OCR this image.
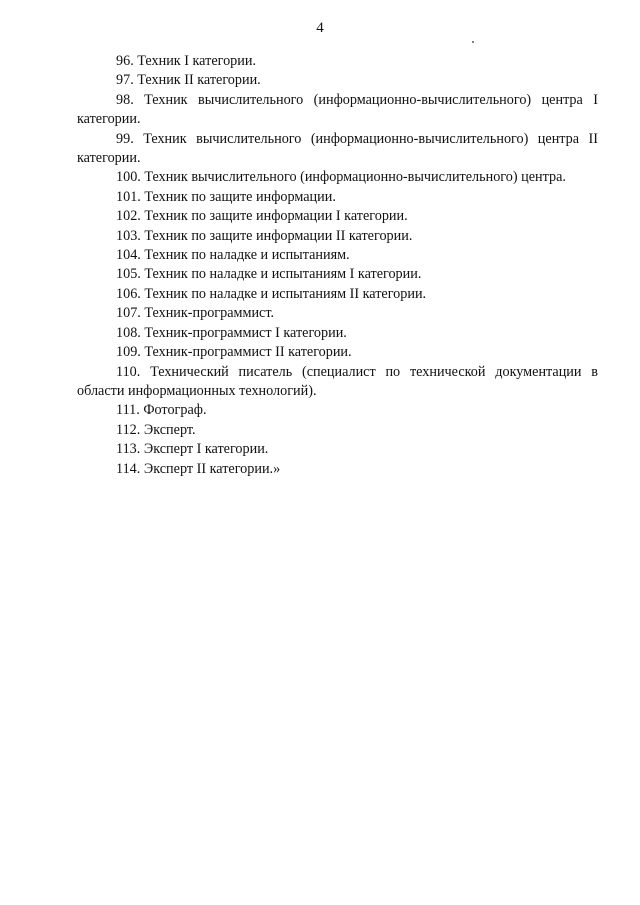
4
96. Техник I категории.
97. Техник II категории.
98. Техник вычислительного (информационно-вычислительного) центра I категории.
99. Техник вычислительного (информационно-вычислительного) центра II категории.
100. Техник вычислительного (информационно-вычислительного) центра.
101. Техник по защите информации.
102. Техник по защите информации I категории.
103. Техник по защите информации II категории.
104. Техник по наладке и испытаниям.
105. Техник по наладке и испытаниям I категории.
106. Техник по наладке и испытаниям II категории.
107. Техник-программист.
108. Техник-программист I категории.
109. Техник-программист II категории.
110. Технический писатель (специалист по технической документации в области информационных технологий).
111. Фотограф.
112. Эксперт.
113. Эксперт I категории.
114. Эксперт II категории.»
